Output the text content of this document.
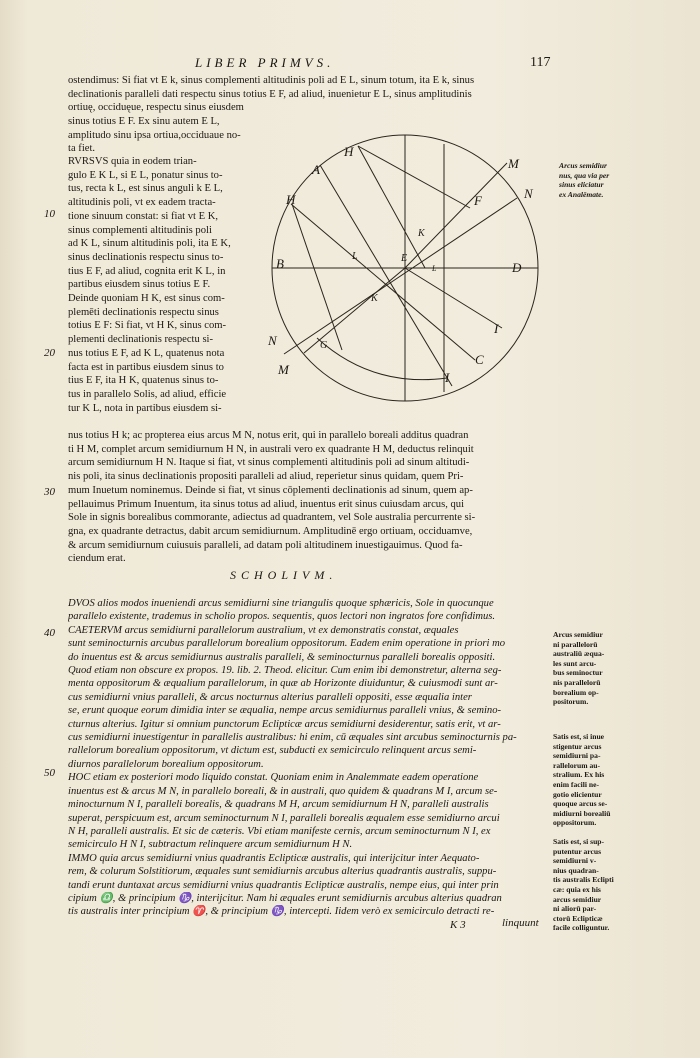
LIBER PRIMVS.	117
ostendimus: Si fiat vt E k, sinus complementi altitudinis poli ad E L, sinum totum, ita E k, sinus
declinationis paralleli dati respectu sinus totius E F, ad aliud, inuenietur E L, sinus amplitudinis
ortiuę, occiduęue, respectu sinus eiusdem
sinus totius E F. Ex sinu autem E L,
amplitudo sinu ipsa ortiua,occiduaue no-
ta fiet.
RVRSVS quia in eodem trian-
gulo E K L, si E L, ponatur sinus to-
tus, recta k L, est sinus anguli k E L,
altitudinis poli, vt ex eadem tracta-
tione sinuum constat: si fiat vt E K,
sinus complementi altitudinis poli
ad K L, sinum altitudinis poli, ita E K,
sinus declinationis respectu sinus to-
tius E F, ad aliud, cognita erit K L, in
partibus eiusdem sinus totius E F.
Deinde quoniam H K, est sinus com-
plemēti declinationis respectu sinus
totius E F: Si fiat, vt H K, sinus com-
plementi declinationis respectu si-
nus totius E F, ad K L, quatenus nota
facta est in partibus eiusdem sinus to
tius E F, ita H K, quatenus sinus to-
tus in parallelo Solis, ad aliud, efficie
tur K L, nota in partibus eiusdem si-
A
H
M
N
H	F
K
B	L	E
L	D
K
G
I
C
N
M
I
nus totius H k; ac propterea eius arcus M N, notus erit, qui in parallelo boreali additus quadran
ti H M, complet arcum semidiurnum H N, in australi vero ex quadrante H M, deductus relinquit
arcum semidiurnum H N. Itaque si fiat, vt sinus complementi altitudinis poli ad sinum altitudi-
nis poli, ita sinus declinationis propositi paralleli ad aliud, reperietur sinus quidam, quem Pri-
mum Inuetum nominemus. Deinde si fiat, vt sinus cōplementi declinationis ad sinum, quem ap-
pellauimus Primum Inuentum, ita sinus totus ad aliud, inuentus erit sinus cuiusdam arcus, qui
Sole in signis borealibus commorante, adiectus ad quadrantem, vel Sole australia percurrente si-
gna, ex quadrante detractus, dabit arcum semidiurnum. Amplitudinē ergo ortiuam, occiduamve,
& arcum semidiurnum cuiusuis paralleli, ad datam poli altitudinem inuestigauimus. Quod fa-
ciendum erat.
10
20
30
40
50
Arcus semidiur
nus, qua via per
sinus eliciatur
ex Analēmate.
SCHOLIVM.
DVOS alios modos inueniendi arcus semidiurni sine triangulis quoque sphæricis, Sole in quocunque
parallelo existente, trademus in scholio propos. sequentis, quos lectori non ingratos fore confidimus.
CAETERVM arcus semidiurni parallelorum australium, vt ex demonstratis constat, æquales
sunt seminocturnis arcubus parallelorum borealium oppositorum. Eadem enim operatione in priori mo
do inuentus est & arcus semidiurnus australis paralleli, & seminocturnus paralleli borealis oppositi.
Quod etiam non obscure ex propos. 19. lib. 2. Theod. elicitur. Cum enim ibi demonstretur, alterna seg-
menta oppositorum & æqualium parallelorum, in quæ ab Horizonte diuiduntur, & cuiusmodi sunt ar-
cus semidiurni vnius paralleli, & arcus nocturnus alterius paralleli oppositi, esse æqualia inter
se, erunt quoque eorum dimidia inter se æqualia, nempe arcus semidiurnus paralleli vnius, & semino-
cturnus alterius. Igitur si omnium punctorum Eclipticæ arcus semidiurni desiderentur, satis erit, vt ar-
cus semidiurni inuestigentur in parallelis australibus: hi enim, cū æquales sint arcubus seminocturnis pa-
rallelorum borealium oppositorum, vt dictum est, subducti ex semicirculo relinquent arcus semi-
diurnos parallelorum borealium oppositorum.
HOC etiam ex posteriori modo liquido constat. Quoniam enim in Analemmate eadem operatione
inuentus est & arcus M N, in parallelo boreali, & in australi, quo quidem & quadrans M I, arcum se-
minocturnum N I, paralleli borealis, & quadrans M H, arcum semidiurnum H N, paralleli australis
superat, perspicuum est, arcum seminocturnum N I, paralleli borealis æqualem esse semidiurno arcui
N H, paralleli australis. Et sic de cæteris. Vbi etiam manifeste cernis, arcum seminocturnum N I, ex
semicirculo H N I, subtractum relinquere arcum semidiurnum H N.
IMMO quia arcus semidiurni vnius quadrantis Eclipticæ australis, qui interijcitur inter Aequato-
rem, & colurum Solstitiorum, æquales sunt semidiurnis arcubus alterius quadrantis australis, suppu-
tandi erunt duntaxat arcus semidiurni vnius quadrantis Eclipticæ australis, nempe eius, qui inter prin
cipium ♎, & principium ♑, interijcitur. Nam hi æquales erunt semidiurnis arcubus alterius quadran
tis australis inter principium ♈, & principium ♑, intercepti. Iidem verò ex semicirculo detracti re-
Arcus semidiur
ni parallelorū
australiū æqua-
les sunt arcu-
bus seminoctur
nis parallelorū
borealium op-
positorum.
Satis est, si inue
stigentur arcus
semidiurni pa-
rallelorum au-
stralium. Ex his
enim facili ne-
gotio elicientur
quoque arcus se-
midiurni borealiū
oppositorum.
Satis est, si sup-
putentur arcus
semidiurni v-
nius quadran-
tis australis Eclipti
cæ: quia ex his
arcus semidiur
ni aliorū par-
ctorū Eclipticæ
facile colliguntur.
K 3	linquunt
